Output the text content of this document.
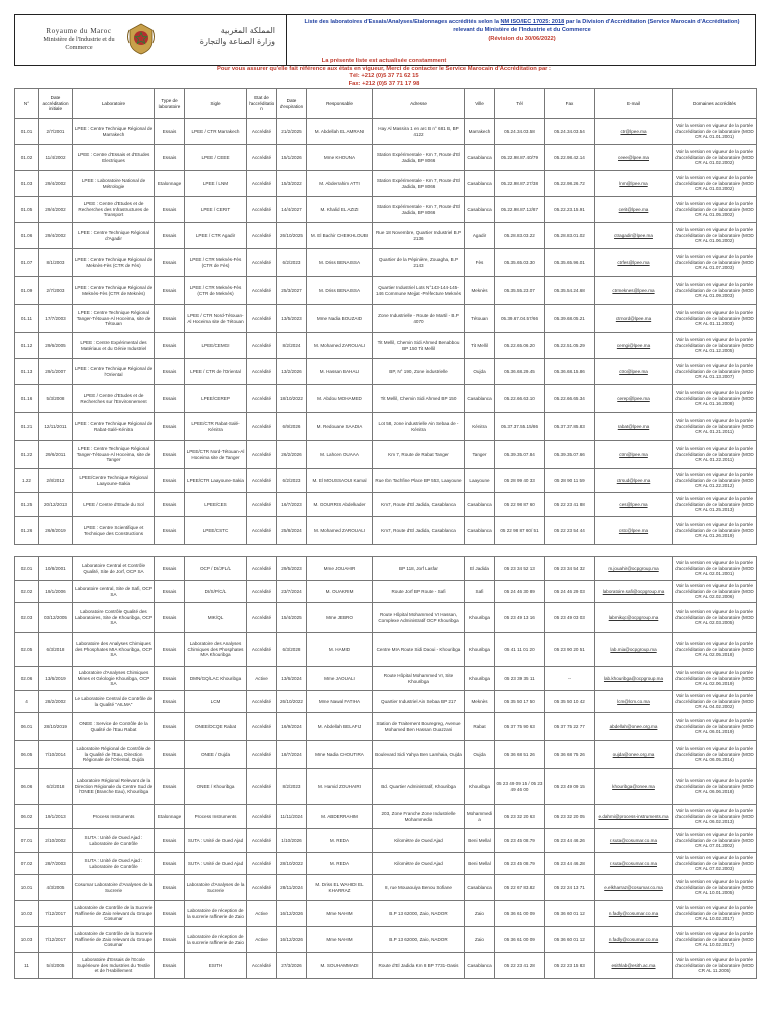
Royaume du Maroc
Ministère de l'Industrie et du Commerce
المملكة المغربية
وزارة الصناعة والتجارة
Liste des laboratoires d'Essais/Analyses/Etalonnages accrédités selon la NM ISO/IEC 17025: 2018 par la Division d'Accréditation (Service Marocain d'Accréditation)
relevant du Ministère de l'Industrie et du Commerce
(Révision du 30/06/2022)
La présente liste est actualisée constamment
Pour vous assurer qu'elle fait référence aux états en vigueur, Merci de contacter le Service Marocain d'Accréditation par :
Tél: +212 (0)5 37 71 62 15
Fax: +212 (0)5 37 71 17 98
N°	Date accréditation initiale	Laboratoire	Type de laboratoire	Sigle	Etat de l'accréditation	Date d'expiration	Responsable	Adresse	Ville	Tél	Fax	E-mail	Domaines accrédités
01.01	2/7/2001	LPEE : Centre Technique Régional de Marrakech	Essais	LPEE / CTR Marrakech	Accrédité	21/2/2025	M. Abdellah EL AMRANI	Hay Al Massira 1 en arc B n° 681 B, BP 4122	Marrakech	05.24.34.03.58	05.24.34.03.54	ctr@lpee.ma	Voir la version en vigueur de la portée d'accréditation de ce laboratoire (MOD CR AL 01.01.2001)
01.02	11/4/2002	LPEE : Centre d'Essais et d'Etudes Electriques	Essais	LPEE / CEEE	Accrédité	15/1/2026	Mme KHOUNA	Station Expérimentale - Km 7, Route d'El Jadida, BP 8066	Casablanca	05.22.98.87.40/79	05.22.98.42.14	ceee@lpee.ma	Voir la version en vigueur de la portée d'accréditation de ce laboratoire (MOD CR AL 01.02.2002)
01.03	29/4/2002	LPEE : Laboratoire National de Métrologie	Etalonnage	LPEE / LNM	Accrédité	15/3/2022	M. Abderrahim ATTI	Station Expérimentale - Km 7, Route d'El Jadida, BP 8066	Casablanca	05.22.98.87.27/38	05.22.98.26.72	lnm@lpee.ma	Voir la version en vigueur de la portée d'accréditation de ce laboratoire (MOD CR AL 01.03.2002)
01.05	29/4/2002	LPEE : Centre d'Etudes et de Recherches des Infrastructures de Transport	Essais	LPEE / CERIT	Accrédité	14/4/2027	M. Khalid EL AZIZI	Station Expérimentale - Km 7, Route d'El Jadida, BP 8066	Casablanca	05.22.98.87.12/87	05.22.23.15.91	cerit@lpee.ma	Voir la version en vigueur de la portée d'accréditation de ce laboratoire (MOD CR AL 01.05.2002)
01.06	29/4/2002	LPEE : Centre Technique Régional d'Agadir	Essais	LPEE / CTR Agadir	Accrédité	26/10/2025	M. El Bachir CHEIKHLOUBI	Rue 18 Novembre, Quartier Industriel B.P 2136	Agadir	05.28.83.03.22	05.28.83.01.02	ctragadir@lpee.ma	Voir la version en vigueur de la portée d'accréditation de ce laboratoire (MOD CR AL 01.06.2002)
01.07	8/1/2003	LPEE : Centre Technique Régional de Meknès-Fès (CTR de Fès)	Essais	LPEE / CTR Meknès-Fès (CTR de Fès)	Accrédité	6/2/2023	M. Driss BENAISSA	Quartier de la Pépinière, Zouagha, B.P 2143	Fès	05.35.65.03.30	05.35.65.96.01	ctrfes@lpee.ma	Voir la version en vigueur de la portée d'accréditation de ce laboratoire (MOD CR AL 01.07.2003)
01.09	2/7/2003	LPEE : Centre Technique Régional de Meknès-Fès (CTR de Meknès)	Essais	LPEE / CTR Meknès-Fès (CTR de Meknès)	Accrédité	25/3/2027	M. Driss BENAISSA	Quartier Industriel Lots N°143-144-145-146 Commune Mejjat -Préfecture Meknès	Meknès	05.35.55.23.07	05.35.54.24.68	ctrmeknes@lpee.ma	Voir la version en vigueur de la portée d'accréditation de ce laboratoire (MOD CR AL 01.09.2003)
01.11	17/7/2003	LPEE : Centre Technique Régional Tanger-Tétouan-Al Hoceima, site de Tétouan	Essais	LPEE / CTR Nord-Tétouan-Al Hoceima site de Tétouan	Accrédité	13/5/2023	Mme Nadia BOUZAID	Zone Industrielle - Route de Martil - B.P 4070	Tétouan	05.39.67.04.57/66	05.39.68.05.21	ctrnord@lpee.ma	Voir la version en vigueur de la portée d'accréditation de ce laboratoire (MOD CR AL 01.11.2003)
01.12	29/6/2005	LPEE : Centre Expérimental des Matériaux et du Génie Industriel	Essais	LPEE/CEMGI	Accrédité	8/2/2024	M. Mohamed ZAROUALI	Tit Mellil, Chemin Sidi Ahmed Benabbou BP 150 Tit Mellil	Tit Mellil	05.22.65.06.20	05.22.51.05.29	cemgi@lpee.ma	Voir la version en vigueur de la portée d'accréditation de ce laboratoire (MOD CR AL 01.12.2005)
01.13	29/1/2007	LPEE : Centre Technique Régional de l'Oriental	Essais	LPEE / CTR de l'Oriental	Accrédité	13/2/2026	M. Hassan BAHALI	BP, N° 190, Zone industrielle	Oujda	05.36.68.29.45	05.36.68.15.86	ctro@lpee.ma	Voir la version en vigueur de la portée d'accréditation de ce laboratoire (MOD CR AL 01.13.2007)
01.16	5/3/2008	LPEE / Centre d'Etudes et de Recherches sur l'Environnement	Essais	LPEE/CEREP	Accrédité	18/10/2022	M. Abdou MOHAMED	Tit Mellil, Chemin Sidi Ahmed BP 150	Casablanca	05.22.66.63.10	05.22.66.65.34	cerep@lpee.ma	Voir la version en vigueur de la portée d'accréditation de ce laboratoire (MOD CR AL 01.16.2008)
01.21	12/11/2011	LPEE : Centre Technique Régional de Rabat-Salé-Kénitra	Essais	LPEE/CTR Rabat-Salé-Kénitra	Accrédité	6/9/2026	M. Redouane SAADIA	Lot 58, zone industrielle Ain Sebaa de - Kénitra	Kénitra	05.37.37.55.15/86	05.37.37.85.83	rabat@lpee.ma	Voir la version en vigueur de la portée d'accréditation de ce laboratoire (MOD CR AL 01.21.2011)
01.22	29/6/2011	LPEE : Centre Technique Régional Tanger-Tétouan-Al Hoceima, site de Tanger	Essais	LPEE/CTR Nord-Tétouan-Al Hoceima site de Tanger	Accrédité	26/2/2026	M. Lahcen OUAAA	Km 7, Route de Rabat Tanger	Tanger	05.39.35.07.84	05.39.35.07.66	ctrn@lpee.ma	Voir la version en vigueur de la portée d'accréditation de ce laboratoire (MOD CR AL 01.22.2011)
1.22	2/8/2012	LPEE/Centre Technique Régional Laayoune-Sakia	Essais	LPEE/CTR Laayoune-Sakia	Accrédité	6/2/2023	M. El MOUSSAOUI Kamal	Rue Ibn Tachfine Place BP 553, Laayoune	Laayoune	05 28 99 40 33	05 28 90 11 59	ctrsud@lpee.ma	Voir la version en vigueur de la portée d'accréditation de ce laboratoire (MOD CR AL 01.22.2012)
01.25	20/12/2013	LPEE / Centre d'Etude du Sol	Essais	LPEE/CES	Accrédité	16/7/2023	M. GOURRIS Abdelkader	Km7, Route d'El Jadida, Casablanca	Casablanca	05 22 98 87 60	05 22 23 41 88	ces@lpee.ma	Voir la version en vigueur de la portée d'accréditation de ce laboratoire (MOD CR AL 01.25.2013)
01.26	26/8/2019	LPEE : Centre Scientifique et Technique des Constructions	Essais	LPEE/CSTC	Accrédité	25/8/2024	M. Mohamed ZAROUALI	Km7, Route d'El Jadida, Casablanca	Casablanca	05 22 98 87 60/ 51	05 22 23 54 44	cstc@lpee.ma	Voir la version en vigueur de la portée d'accréditation de ce laboratoire (MOD CR AL 01.26.2019)
02.01	10/8/2001	Laboratoire Central et Contrôle Qualité, Site de Jorf, OCP SA	Essais	OCP / DI/JFL/L	Accrédité	29/5/2023	Mme JOUAHIR	BP 118, Jorf Lasfar	El Jadida	05 23 34 52 13	05 23 34 54 32	m.jouahir@ocpgroup.ma	Voir la version en vigueur de la portée d'accréditation de ce laboratoire (MOD CR AL 02.01.2001)
02.02	19/1/2006	Laboratoire central, Site de Safi, OCP SA	Essais	DI/S/P/C/L	Accrédité	23/7/2024	M. OUAKRIM	Route Jorf BP Route - Safi	Safi	05 24 46 30 89	05 24 46 29 03	laboratoire.safi@ocpgroup.ma	Voir la version en vigueur de la portée d'accréditation de ce laboratoire (MOD CR AL 02.02.2006)
02.03	03/12/2005	Laboratoire Contrôle Qualité des Laboratoires, Site de Khouribga, OCP SA	Essais	MIK/QL	Accrédité	15/4/2025	Mme JEBRO	Route Hôpital Mohammed VI Hassan, Complexe Administratif OCP Khouribga	Khouribga	05 23 49 13 16	05 23 49 03 03	labmikqc@ocpgroup.ma	Voir la version en vigueur de la portée d'accréditation de ce laboratoire (MOD CR AL 02.03.2005)
02.05	6/3/2018	Laboratoire des Analyses Chimiques des Phosphates MIA Khouribga, OCP SA	Essais	Laboratoire des Analyses Chimiques des Phosphates MIA Khouribga	Accrédité	6/3/2028	M. HAMID	Centre MIA Route Sidi Daoui - Khouribga	Khouribga	05 41 11 01 20	05 23 90 20 51	lab.mia@ocpgroup.ma	Voir la version en vigueur de la portée d'accréditation de ce laboratoire (MOD CR AL 02.05.2018)
02.06	13/6/2019	Laboratoire d'Analyses Chimiques Mines et Géologie Khouribga, OCP SA	Essais	DMN/GQ/LAC Khouribga	Active	13/6/2024	Mme JAOUALI	Route Hôpital Mohammed VI, Site Khouribga	Khouribga	05 23 39 35 11	--	lab.khouribga@ocpgroup.ma	Voir la version en vigueur de la portée d'accréditation de ce laboratoire (MOD CR AL 02.06.2019)
4	28/2/2002	Le Laboratoire Central de Contrôle de la Qualité "AILMA"	Essais	LCM	Accrédité	26/10/2022	Mme Nawal FATIHA	Quartier Industriel Ain Sebaa BP 217	Meknès	05 35 50 17 50	05 35 50 10 42	lcm@lcm.co.ma	Voir la version en vigueur de la portée d'accréditation de ce laboratoire (MOD CR AL 04.02.2002)
06.01	28/10/2019	ONEE : Service de Contrôle de la Qualité de l'Eau Rabat	Essais	ONEE/DCQE Rabat	Accrédité	16/9/2024	M. Abdellah BELAFIJ	Station de Traitement Bouregreg, Avenue Mohamed Ben Hassan Ouazzani	Rabat	05 37 75 90 63	05 37 75 22 77	abdellah@onee.org.ma	Voir la version en vigueur de la portée d'accréditation de ce laboratoire (MOD CR AL 06.01.2019)
06.05	7/10/2014	Laboratoire Régional de Contrôle de la Qualité de l'Eau, Direction Régionale de l'Oriental, Oujda	Essais	ONEE / Oujda	Accrédité	18/7/2024	Mme Nadia CHOUTIRA	Boulevard Sidi Yahya Ben Lamhaia, Oujda	Oujda	05 36 68 51 26	05 36 68 75 26	oujda@onee.org.ma	Voir la version en vigueur de la portée d'accréditation de ce laboratoire (MOD CR AL 06.05.2014)
06.06	6/2/2018	Laboratoire Régional Relevant de la Direction Régionale du Centre Sud de l'ONEE (Branche Eau), Khouribga	Essais	ONEE / Khouribga	Accrédité	8/2/2023	M. Hamid ZOUHAIRI	Bd. Quartier Administratif, Khouribga	Khouribga	05 23 49 09 15 / 05 23 49 46 00	05 23 49 09 15	khouribga@onee.ma	Voir la version en vigueur de la portée d'accréditation de ce laboratoire (MOD CR AL 06.06.2018)
06.02	19/1/2013	Process Instruments	Etalonnage	Process Instruments	Accrédité	11/11/2024	M. ABDERRAHIM	203, Zone Franche Zone Industrielle Mohammedia	Mohammedia	05 23 32 20 63	05 23 32 20 05	e.dahmi@process-instruments.ma	Voir la version en vigueur de la portée d'accréditation de ce laboratoire (MOD CR AL 06.02.2013)
07.01	2/10/2002	SUTA : Unité de Oued Ajad : Laboratoire de Contrôle	Essais	SUTA : Unité de Oued Ajad	Accrédité	1/10/2026	M. REDA	Kilomètre de Oued Ajad	Beni Mellal	05 23 45 08.79	05 23 44 46.26	r.suta@cosumar.co.ma	Voir la version en vigueur de la portée d'accréditation de ce laboratoire (MOD CR AL 07.01.2002)
07.02	28/7/2003	SUTA : Unité de Oued Ajad : Laboratoire de Contrôle	Essais	SUTA : Unité de Oued Ajad	Accrédité	28/10/2022	M. REDA	Kilomètre de Oued Ajad	Beni Mellal	05 23 45 08.79	05 23 44 46.28	r.suta@cosumar.co.ma	Voir la version en vigueur de la portée d'accréditation de ce laboratoire (MOD CR AL 07.02.2003)
10.01	4/3/2005	Cosumar Laboratoire d'Analyses de la Sucrerie	Essais	Laboratoire d'Analyses de la Sucrerie	Accrédité	28/11/2024	M. Driss EL WAHIDI EL KHARRAZ	8, rue Mouaouiya Benou Sofiane	Casablanca	05 22 67 83.82	05 22 24 13 71	e.elkharraz@cosumar.co.ma	Voir la version en vigueur de la portée d'accréditation de ce laboratoire (MOD CR AL 10.01.2005)
10.02	7/12/2017	Laboratoire de Contrôle de la Sucrerie Raffinerie de Zaio relevant du Groupe Cosumar	Essais	Laboratoire de réception de la sucrerie raffinerie de Zaio	Active	16/12/2026	Mme NAHIM	B.P 13 62000, Zaio, NADOR	Zaio	05 36 61 00 09	05 36 60 01 12	n.fadly@cosumar.co.ma	Voir la version en vigueur de la portée d'accréditation de ce laboratoire (MOD CR AL 10.02.2017)
10.03	7/12/2017	Laboratoire de Contrôle de la Sucrerie Raffinerie de Zaio relevant du Groupe Cosumar	Essais	Laboratoire de réception de la sucrerie raffinerie de Zaio	Active	16/12/2026	Mme NAHIM	B.P 13 62000, Zaio, NADOR	Zaio	05 36 61 00 09	05 36 60 01 12	n.fadly@cosumar.co.ma	Voir la version en vigueur de la portée d'accréditation de ce laboratoire (MOD CR AL 10.02.2017)
11	5/4/2005	Laboratoire d'Essais de l'Ecole Supérieure des Industries du Textile et de l'Habillement	Essais	ESITH	Accrédité	27/3/2026	M. SOUHAMMADI	Route d'El Jadida Km 8 BP 7731-Oasis	Casablanca	05 22 23 41 28	05 22 23 15 83	esithlab@esith.ac.ma	Voir la version en vigueur de la portée d'accréditation de ce laboratoire (MOD CR AL 11.2005)
